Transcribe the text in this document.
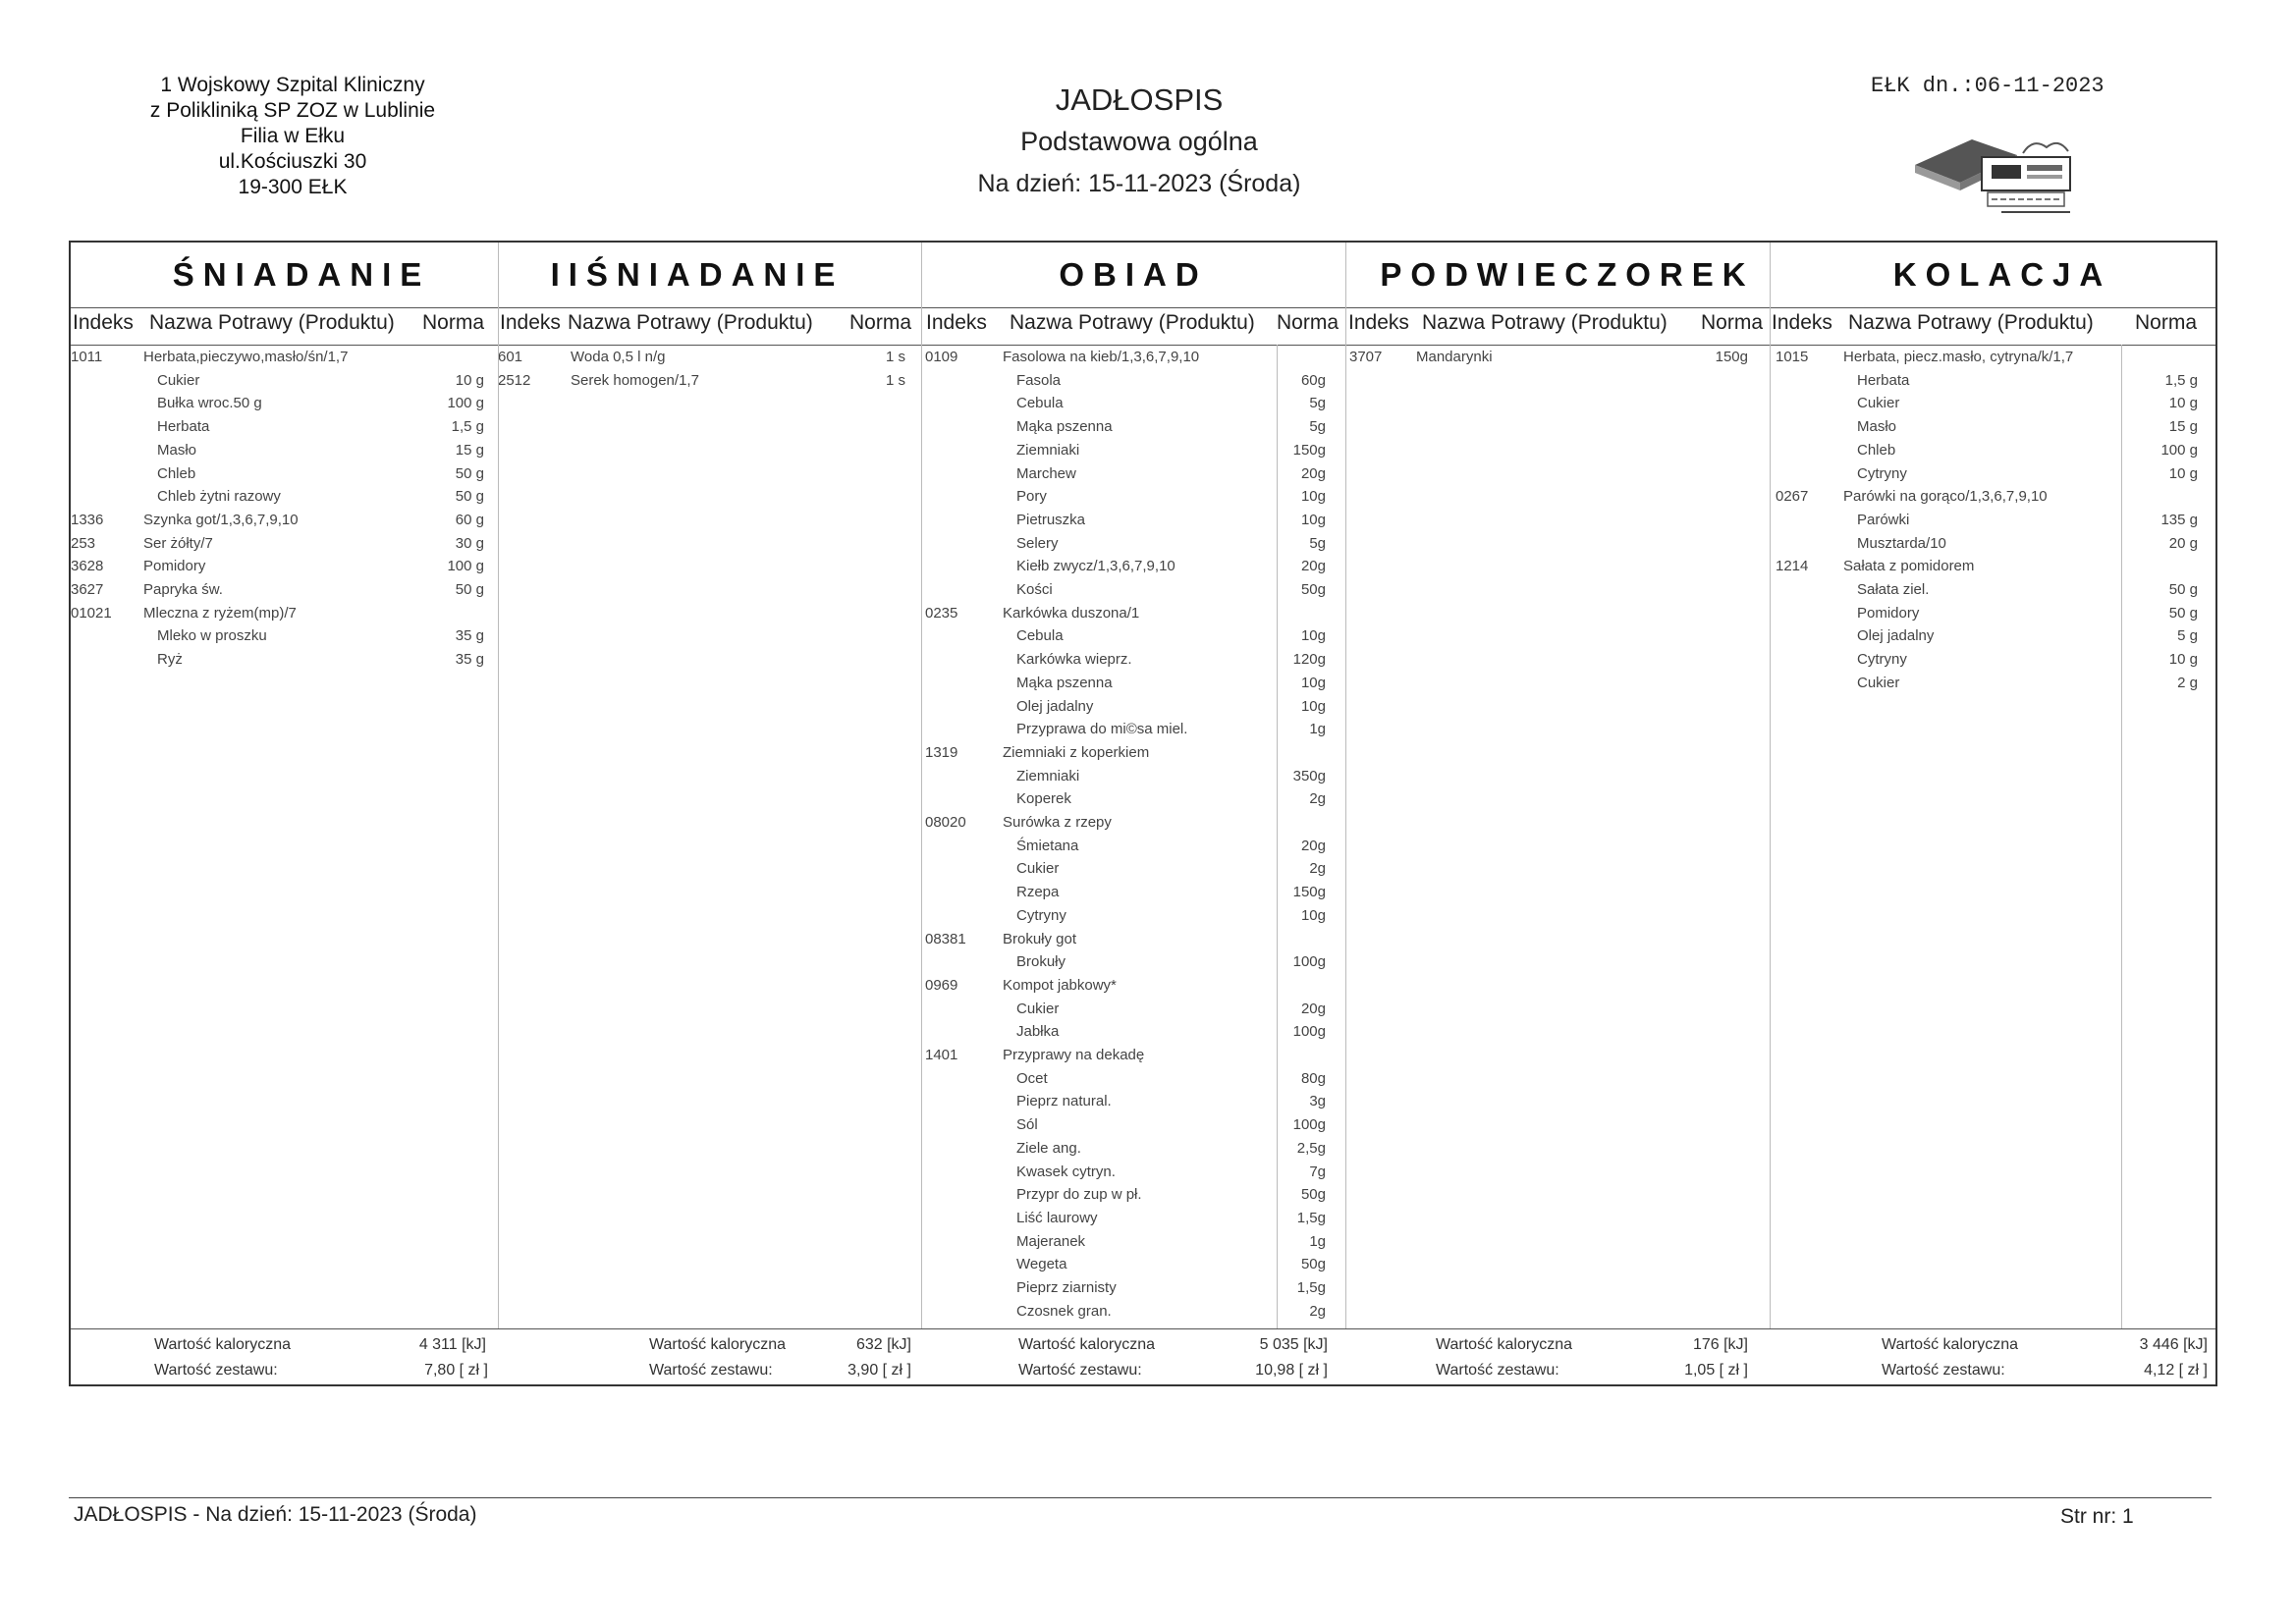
1 Wojskowy Szpital Kliniczny
z Polikliniką SP ZOZ w Lublinie
Filia w Ełku
ul.Kościuszki 30
19-300 EŁK
JADŁOSPIS
Podstawowa ogólna
Na dzień: 15-11-2023 (Środa)
EŁK dn.:06-11-2023
ŚNIADANIE
Indeks Nazwa Potrawy (Produktu) Norma
1011	Herbata,pieczywo,masło/śn/1,7
Cukier	10 g
Bułka wroc.50 g	100 g
Herbata	1,5 g
Masło	15 g
Chleb	50 g
Chleb żytni razowy	50 g
1336	Szynka got/1,3,6,7,9,10	60 g
253	Ser żółty/7	30 g
3628	Pomidory	100 g
3627	Papryka św.	50 g
01021 Mleczna z ryżem(mp)/7
Mleko w proszku	35 g
Ryż	35 g
Wartość kaloryczna	4 311 [kJ]
Wartość zestawu:	7,80 [ zł ]
IIŚNIADANIE
Indeks Nazwa Potrawy (Produktu) Norma
601	Woda 0,5 l n/g	1 s
2512	Serek homogen/1,7	1 s
Wartość kaloryczna	632 [kJ]
Wartość zestawu:	3,90 [ zł ]
OBIAD
Indeks Nazwa Potrawy (Produktu) Norma
0109	Fasolowa na kieb/1,3,6,7,9,10
Fasola	60g
Cebula	5g
Mąka pszenna	5g
Ziemniaki	150g
Marchew	20g
Pory	10g
Pietruszka	10g
Selery	5g
Kiełb zwycz/1,3,6,7,9,10	20g
Kości	50g
0235	Karkówka duszona/1
Cebula	10g
Karkówka wieprz.	120g
Mąka pszenna	10g
Olej jadalny	10g
Przyprawa do mi©sa miel.	1g
1319	Ziemniaki z koperkiem
Ziemniaki	350g
Koperek	2g
08020 Surówka z rzepy
Śmietana	20g
Cukier	2g
Rzepa	150g
Cytryny	10g
08381 Brokuły got
Brokuły	100g
0969	Kompot jabkowy*
Cukier	20g
Jabłka	100g
1401	Przyprawy na dekadę
Ocet	80g
Pieprz natural.	3g
Sól	100g
Ziele ang.	2,5g
Kwasek cytryn.	7g
Przypr do zup w pł.	50g
Liść laurowy	1,5g
Majeranek	1g
Wegeta	50g
Pieprz ziarnisty	1,5g
Czosnek gran.	2g
Wartość kaloryczna	5 035 [kJ]
Wartość zestawu:	10,98 [ zł ]
PODWIECZOREK
Indeks Nazwa Potrawy (Produktu) Norma
3707 Mandarynki	150g
Wartość kaloryczna	176 [kJ]
Wartość zestawu:	1,05 [ zł ]
KOLACJA
Indeks Nazwa Potrawy (Produktu) Norma
1015 Herbata, piecz.masło, cytryna/k/1,7
Herbata	1,5 g
Cukier	10 g
Masło	15 g
Chleb	100 g
Cytryny	10 g
0267 Parówki na gorąco/1,3,6,7,9,10
Parówki	135 g
Musztarda/10	20 g
1214 Sałata z pomidorem
Sałata ziel.	50 g
Pomidory	50 g
Olej jadalny	5 g
Cytryny	10 g
Cukier	2 g
Wartość kaloryczna	3 446 [kJ]
Wartość zestawu:	4,12 [ zł ]
JADŁOSPIS - Na dzień: 15-11-2023 (Środa)	Str nr: 1
